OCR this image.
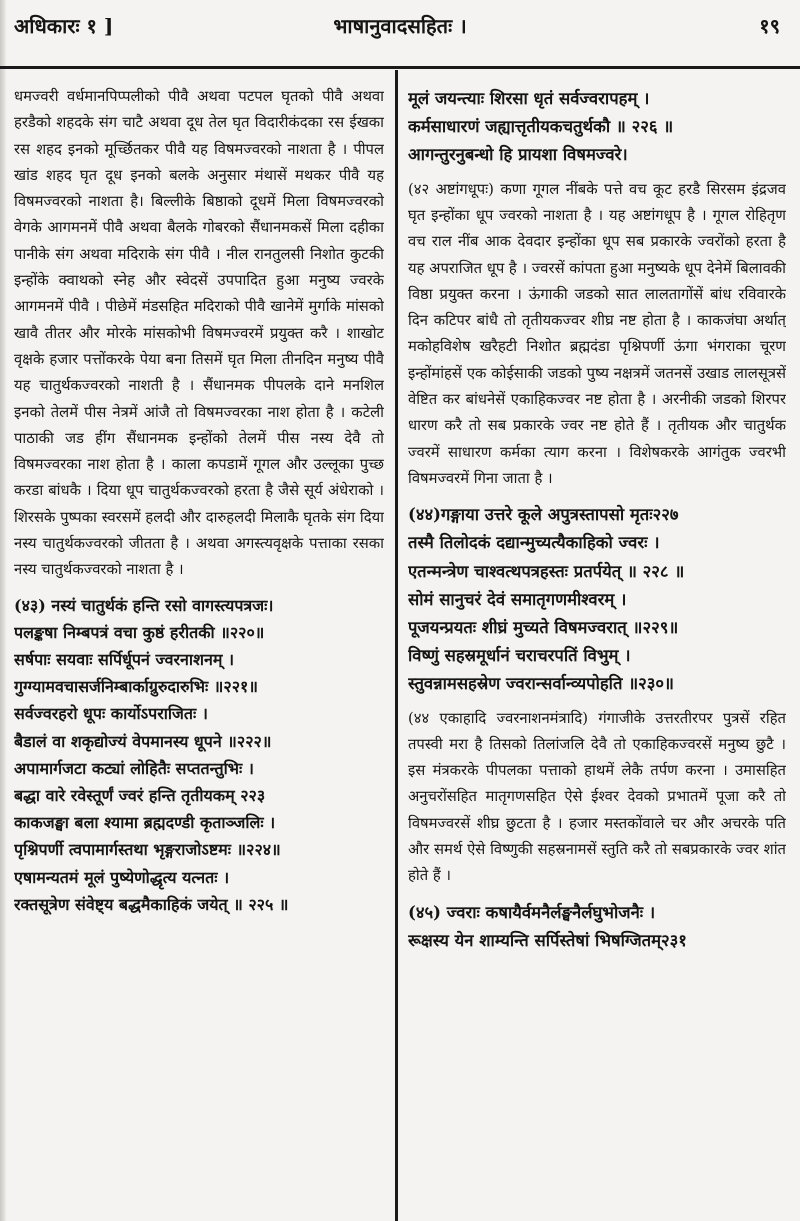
अधिकारः १ ]	भाषानुवादसहितः ।	१९

धमज्वरी वर्धमानपिप्पलीको पीवै अथवा पटपल घृतको पीवै अथवा हरडैको शहदके संग चाटै अथवा दूध तेल घृत विदारीकंदका रस ईखका रस शहद इनको मूर्च्छितकर पीवै यह विषमज्वरको नाशता है । पीपल खांड शहद घृत दूध इनको बलके अनुसार मंथासें मथकर पीवै यह विषमज्वरको नाशता है। बिल्लीके बिष्ठाको दूधमें मिला विषमज्वरको वेगके आगमनमें पीवै अथवा बैलके गोबरको सैंधानमकसें मिला दहीका पानीके संग अथवा मदिराके संग पीवै । नील रानतुलसी निशोत कुटकी इन्होंके क्वाथको स्नेह और स्वेदसें उपपादित हुआ मनुष्य ज्वरके आगमनमें पीवै । पीछेमें मंडसहित मदिराको पीवै खानेमें मुर्गाके मांसको खावै तीतर और मोरके मांसकोभी विषमज्वरमें प्रयुक्त करै । शाखोट वृक्षके हजार पत्तोंकरके पेया बना तिसमें घृत मिला तीनदिन मनुष्य पीवै यह चातुर्थकज्वरको नाशती है । सैंधानमक पीपलके दाने मनशिल इनको तेलमें पीस नेत्रमें आंजै तो विषमज्वरका नाश होता है । कटेली पाठाकी जड हींग सैंधानमक इन्होंको तेलमें पीस नस्य देवै तो विषमज्वरका नाश होता है । काला कपडामें गूगल और उल्लूका पुच्छ करडा बांधकै । दिया धूप चातुर्थकज्वरको हरता है जैसे सूर्य अंधेराको । शिरसके पुष्पका स्वरसमें हलदी और दारुहलदी मिलाकै घृतके संग दिया नस्य चातुर्थकज्वरको जीतता है । अथवा अगस्त्यवृक्षके पत्ताका रसका नस्य चातुर्थकज्वरको नाशता है ।

(४३) नस्यं चातुर्थकं हन्ति रसो वागस्त्यपत्रजः।

पलङ्कषा निम्बपत्रं वचा कुष्ठं हरीतकी ॥२२०॥

सर्षपाः सयवाः सर्पिर्धूपनं ज्वरनाशनम् ।

गुग्ग्यामवचासर्जनिम्बार्काग्रुरुदारुभिः ॥२२१॥

सर्वज्वरहरो धूपः कार्योऽपराजितः ।

बैडालं वा शकृद्योज्यं वेपमानस्य धूपने ॥२२२॥

अपामार्गजटा कट्यां लोहितैः सप्ततन्तुभिः ।

बद्धा वारे रवेस्तूर्णं ज्वरं हन्ति तृतीयकम् २२३

काकजङ्घा बला श्यामा ब्रह्मदण्डी कृताञ्जलिः ।

पृश्निपर्णी त्वपामार्गस्तथा भृङ्गराजोऽष्टमः ॥२२४॥

एषामन्यतमं मूलं पुष्येणोद्धृत्य यत्नतः ।

रक्तसूत्रेण संवेष्ट्य बद्धमैकाहिकं जयेत् ॥ २२५ ॥

मूलं जयन्त्याः शिरसा धृतं सर्वज्वरापहम् ।

कर्मसाधारणं जह्यात्तृतीयकचतुर्थकौ ॥ २२६ ॥

आगन्तुरनुबन्धो हि प्रायशा विषमज्वरे।

(४२ अष्टांगधूपः) कणा गूगल नींबके पत्ते वच कूट हरडै सिरसम इंद्रजव घृत इन्होंका धूप ज्वरको नाशता है । यह अष्टांगधूप है । गूगल रोहितृण वच राल नींब आक देवदार इन्होंका धूप सब प्रकारके ज्वरोंको हरता है यह अपराजित धूप है । ज्वरसें कांपता हुआ मनुष्यके धूप देनेमें बिलावकी विष्ठा प्रयुक्त करना । ऊंगाकी जडको सात लालतागोंसें बांध रविवारके दिन कटिपर बांधै तो तृतीयकज्वर शीघ्र नष्ट होता है । काकजंघा अर्थात् मकोहविशेष खरैहटी निशोत ब्रह्मदंडा पृश्निपर्णी ऊंगा भंगराका चूरण इन्होंमांहसें एक कोईसाकी जडको पुष्य नक्षत्रमें जतनसें उखाड लालसूत्रसें वेष्टित कर बांधनेसें एकाहिकज्वर नष्ट होता है । अरनीकी जडको शिरपर धारण करै तो सब प्रकारके ज्वर नष्ट होते हैं । तृतीयक और चातुर्थक ज्वरमें साधारण कर्मका त्याग करना । विशेषकरके आगंतुक ज्वरभी विषमज्वरमें गिना जाता है ।

(४४)गङ्गाया उत्तरे कूले अपुत्रस्तापसो मृतः२२७

तस्मै तिलोदकं दद्यान्मुच्यत्यैकाहिको ज्वरः ।

एतन्मन्त्रेण चाश्वत्थपत्रहस्तः प्रतर्पयेत् ॥ २२८ ॥

सोमं सानुचरं देवं समातृगणमीश्वरम् ।

पूजयन्प्रयतः शीघ्रं मुच्यते विषमज्वरात् ॥२२९॥

विष्णुं सहस्रमूर्धानं चराचरपतिं विभुम् ।

स्तुवन्नामसहस्रेण ज्वरान्सर्वान्व्यपोहति ॥२३०॥

(४४ एकाहादि ज्वरनाशनमंत्रादि) गंगाजीके उत्तरतीरपर पुत्रसें रहित तपस्वी मरा है तिसको तिलांजलि देवै तो एकाहिकज्वरसें मनुष्य छुटै । इस मंत्रकरके पीपलका पत्ताको हाथमें लेकै तर्पण करना । उमासहित अनुचरोंसहित मातृगणसहित ऐसे ईश्वर देवको प्रभातमें पूजा करै तो विषमज्वरसें शीघ्र छुटता है । हजार मस्तकोंवाले चर और अचरके पति और समर्थ ऐसे विष्णुकी सहस्रनामसें स्तुति करै तो सबप्रकारके ज्वर शांत होते हैं ।

(४५) ज्वराः कषायैर्वमनैर्लङ्घनैर्लघुभोजनैः ।

रूक्षस्य येन शाम्यन्ति सर्पिस्तेषां भिषग्जितम्२३१
